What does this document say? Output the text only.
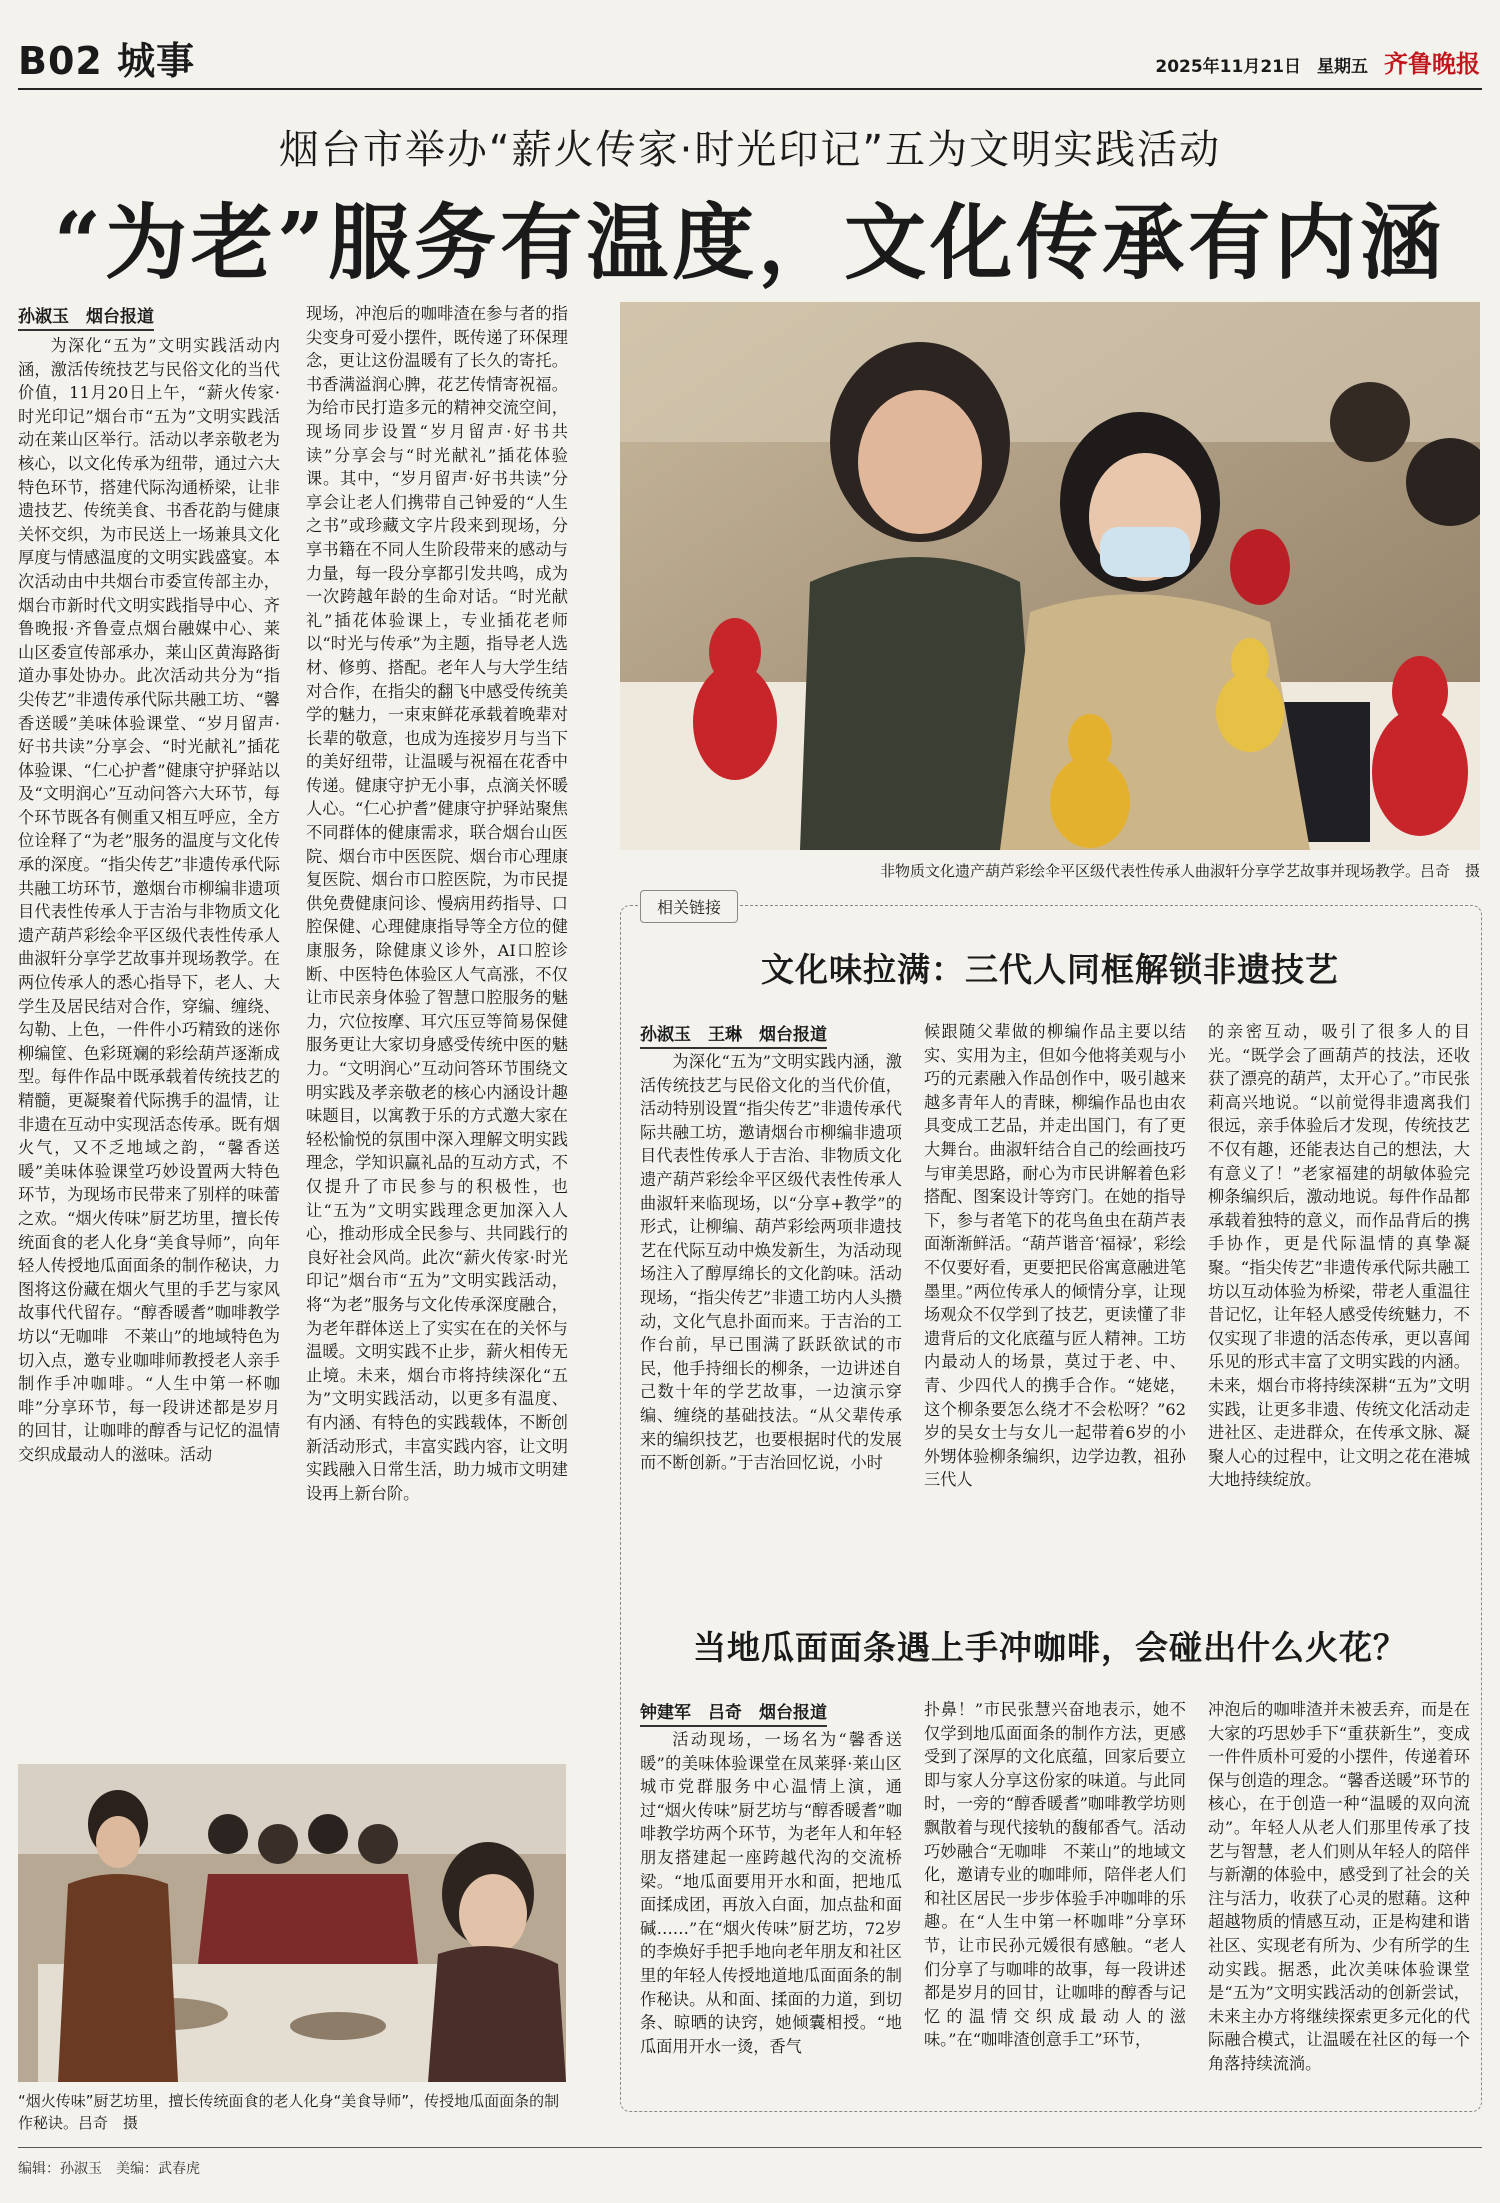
B02 城事	2025年11月21日 星期五 齐鲁晚报
烟台市举办“薪火传家·时光印记”五为文明实践活动
“为老”服务有温度，文化传承有内涵
孙淑玉　烟台报道

为深化“五为”文明实践活动内涵，激活传统技艺与民俗文化的当代价值，11月20日上午，“薪火传家·时光印记”烟台市“五为”文明实践活动在莱山区举行。活动以孝亲敬老为核心，以文化传承为纽带，通过六大特色环节，搭建代际沟通桥梁，让非遗技艺、传统美食、书香花韵与健康关怀交织，为市民送上一场兼具文化厚度与情感温度的文明实践盛宴。本次活动由中共烟台市委宣传部主办，烟台市新时代文明实践指导中心、齐鲁晚报·齐鲁壹点烟台融媒中心、莱山区委宣传部承办，莱山区黄海路街道办事处协办。此次活动共分为“指尖传艺”非遗传承代际共融工坊、“馨香送暖”美味体验课堂、“岁月留声·好书共读”分享会、“时光献礼”插花体验课、“仁心护耆”健康守护驿站以及“文明润心”互动问答六大环节，每个环节既各有侧重又相互呼应，全方位诠释了“为老”服务的温度与文化传承的深度。“指尖传艺”非遗传承代际共融工坊环节，邀烟台市柳编非遗项目代表性传承人于吉治与非物质文化遗产葫芦彩绘伞平区级代表性传承人曲淑轩分享学艺故事并现场教学。在两位传承人的悉心指导下，老人、大学生及居民结对合作，穿编、缠绕、勾勒、上色，一件件小巧精致的迷你柳编筐、色彩斑斓的彩绘葫芦逐渐成型。每件作品中既承载着传统技艺的精髓，更凝聚着代际携手的温情，让非遗在互动中实现活态传承。既有烟火气，又不乏地域之韵，“馨香送暖”美味体验课堂巧妙设置两大特色环节，为现场市民带来了别样的味蕾之欢。“烟火传味”厨艺坊里，擅长传统面食的老人化身“美食导师”，向年轻人传授地瓜面面条的制作秘诀，力图将这份藏在烟火气里的手艺与家风故事代代留存。“醇香暖耆”咖啡教学坊以“无咖啡　不莱山”的地域特色为切入点，邀专业咖啡师教授老人亲手制作手冲咖啡。“人生中第一杯咖啡”分享环节，每一段讲述都是岁月的回甘，让咖啡的醇香与记忆的温情交织成最动人的滋味。活动

现场，冲泡后的咖啡渣在参与者的指尖变身可爱小摆件，既传递了环保理念，更让这份温暖有了长久的寄托。书香满溢润心脾，花艺传情寄祝福。为给市民打造多元的精神交流空间，现场同步设置“岁月留声·好书共读”分享会与“时光献礼”插花体验课。其中，“岁月留声·好书共读”分享会让老人们携带自己钟爱的“人生之书”或珍藏文字片段来到现场，分享书籍在不同人生阶段带来的感动与力量，每一段分享都引发共鸣，成为一次跨越年龄的生命对话。“时光献礼”插花体验课上，专业插花老师以“时光与传承”为主题，指导老人选材、修剪、搭配。老年人与大学生结对合作，在指尖的翻飞中感受传统美学的魅力，一束束鲜花承载着晚辈对长辈的敬意，也成为连接岁月与当下的美好纽带，让温暖与祝福在花香中传递。健康守护无小事，点滴关怀暖人心。“仁心护耆”健康守护驿站聚焦不同群体的健康需求，联合烟台山医院、烟台市中医医院、烟台市心理康复医院、烟台市口腔医院，为市民提供免费健康问诊、慢病用药指导、口腔保健、心理健康指导等全方位的健康服务，除健康义诊外，AI口腔诊断、中医特色体验区人气高涨，不仅让市民亲身体验了智慧口腔服务的魅力，穴位按摩、耳穴压豆等简易保健服务更让大家切身感受传统中医的魅力。“文明润心”互动问答环节围绕文明实践及孝亲敬老的核心内涵设计趣味题目，以寓教于乐的方式邀大家在轻松愉悦的氛围中深入理解文明实践理念，学知识赢礼品的互动方式，不仅提升了市民参与的积极性，也让“五为”文明实践理念更加深入人心，推动形成全民参与、共同践行的良好社会风尚。此次“薪火传家·时光印记”烟台市“五为”文明实践活动，将“为老”服务与文化传承深度融合，为老年群体送上了实实在在的关怀与温暖。文明实践不止步，薪火相传无止境。未来，烟台市将持续深化“五为”文明实践活动，以更多有温度、有内涵、有特色的实践载体，不断创新活动形式，丰富实践内容，让文明实践融入日常生活，助力城市文明建设再上新台阶。

非物质文化遗产葫芦彩绘伞平区级代表性传承人曲淑轩分享学艺故事并现场教学。吕奇　摄
“烟火传味”厨艺坊里，擅长传统面食的老人化身“美食导师”，传授地瓜面面条的制作秘诀。吕奇　摄
相关链接
文化味拉满：三代人同框解锁非遗技艺
孙淑玉　王琳　烟台报道

为深化“五为”文明实践内涵，激活传统技艺与民俗文化的当代价值，活动特别设置“指尖传艺”非遗传承代际共融工坊，邀请烟台市柳编非遗项目代表性传承人于吉治、非物质文化遗产葫芦彩绘伞平区级代表性传承人曲淑轩来临现场，以“分享+教学”的形式，让柳编、葫芦彩绘两项非遗技艺在代际互动中焕发新生，为活动现场注入了醇厚绵长的文化韵味。活动现场，“指尖传艺”非遗工坊内人头攒动，文化气息扑面而来。于吉治的工作台前，早已围满了跃跃欲试的市民，他手持细长的柳条，一边讲述自己数十年的学艺故事，一边演示穿编、缠绕的基础技法。“从父辈传承来的编织技艺，也要根据时代的发展而不断创新。”于吉治回忆说，小时

候跟随父辈做的柳编作品主要以结实、实用为主，但如今他将美观与小巧的元素融入作品创作中，吸引越来越多青年人的青睐，柳编作品也由农具变成工艺品，并走出国门，有了更大舞台。曲淑轩结合自己的绘画技巧与审美思路，耐心为市民讲解着色彩搭配、图案设计等窍门。在她的指导下，参与者笔下的花鸟鱼虫在葫芦表面渐渐鲜活。“葫芦谐音‘福禄’，彩绘不仅要好看，更要把民俗寓意融进笔墨里。”两位传承人的倾情分享，让现场观众不仅学到了技艺，更读懂了非遗背后的文化底蕴与匠人精神。工坊内最动人的场景，莫过于老、中、青、少四代人的携手合作。“姥姥，这个柳条要怎么绕才不会松呀？”62岁的吴女士与女儿一起带着6岁的小外甥体验柳条编织，边学边教，祖孙三代人

的亲密互动，吸引了很多人的目光。“既学会了画葫芦的技法，还收获了漂亮的葫芦，太开心了。”市民张莉高兴地说。“以前觉得非遗离我们很远，亲手体验后才发现，传统技艺不仅有趣，还能表达自己的想法，大有意义了！”老家福建的胡敏体验完柳条编织后，激动地说。每件作品都承载着独特的意义，而作品背后的携手协作，更是代际温情的真挚凝聚。“指尖传艺”非遗传承代际共融工坊以互动体验为桥梁，带老人重温往昔记忆，让年轻人感受传统魅力，不仅实现了非遗的活态传承，更以喜闻乐见的形式丰富了文明实践的内涵。未来，烟台市将持续深耕“五为”文明实践，让更多非遗、传统文化活动走进社区、走进群众，在传承文脉、凝聚人心的过程中，让文明之花在港城大地持续绽放。

当地瓜面面条遇上手冲咖啡，会碰出什么火花？
钟建军　吕奇　烟台报道

活动现场，一场名为“馨香送暖”的美味体验课堂在凤莱驿·莱山区城市党群服务中心温情上演，通过“烟火传味”厨艺坊与“醇香暖耆”咖啡教学坊两个环节，为老年人和年轻朋友搭建起一座跨越代沟的交流桥梁。“地瓜面要用开水和面，把地瓜面揉成团，再放入白面，加点盐和面碱……”在“烟火传味”厨艺坊，72岁的李焕好手把手地向老年朋友和社区里的年轻人传授地道地瓜面面条的制作秘诀。从和面、揉面的力道，到切条、晾晒的诀窍，她倾囊相授。“地瓜面用开水一烫，香气

扑鼻！”市民张慧兴奋地表示，她不仅学到地瓜面面条的制作方法，更感受到了深厚的文化底蕴，回家后要立即与家人分享这份家的味道。与此同时，一旁的“醇香暖耆”咖啡教学坊则飘散着与现代接轨的馥郁香气。活动巧妙融合“无咖啡　不莱山”的地域文化，邀请专业的咖啡师，陪伴老人们和社区居民一步步体验手冲咖啡的乐趣。在“人生中第一杯咖啡”分享环节，让市民孙元媛很有感触。“老人们分享了与咖啡的故事，每一段讲述都是岁月的回甘，让咖啡的醇香与记忆的温情交织成最动人的滋味。”在“咖啡渣创意手工”环节，

冲泡后的咖啡渣并未被丢弃，而是在大家的巧思妙手下“重获新生”，变成一件件质朴可爱的小摆件，传递着环保与创造的理念。“馨香送暖”环节的核心，在于创造一种“温暖的双向流动”。年轻人从老人们那里传承了技艺与智慧，老人们则从年轻人的陪伴与新潮的体验中，感受到了社会的关注与活力，收获了心灵的慰藉。这种超越物质的情感互动，正是构建和谐社区、实现老有所为、少有所学的生动实践。据悉，此次美味体验课堂是“五为”文明实践活动的创新尝试，未来主办方将继续探索更多元化的代际融合模式，让温暖在社区的每一个角落持续流淌。

编辑：孙淑玉　美编：武春虎
